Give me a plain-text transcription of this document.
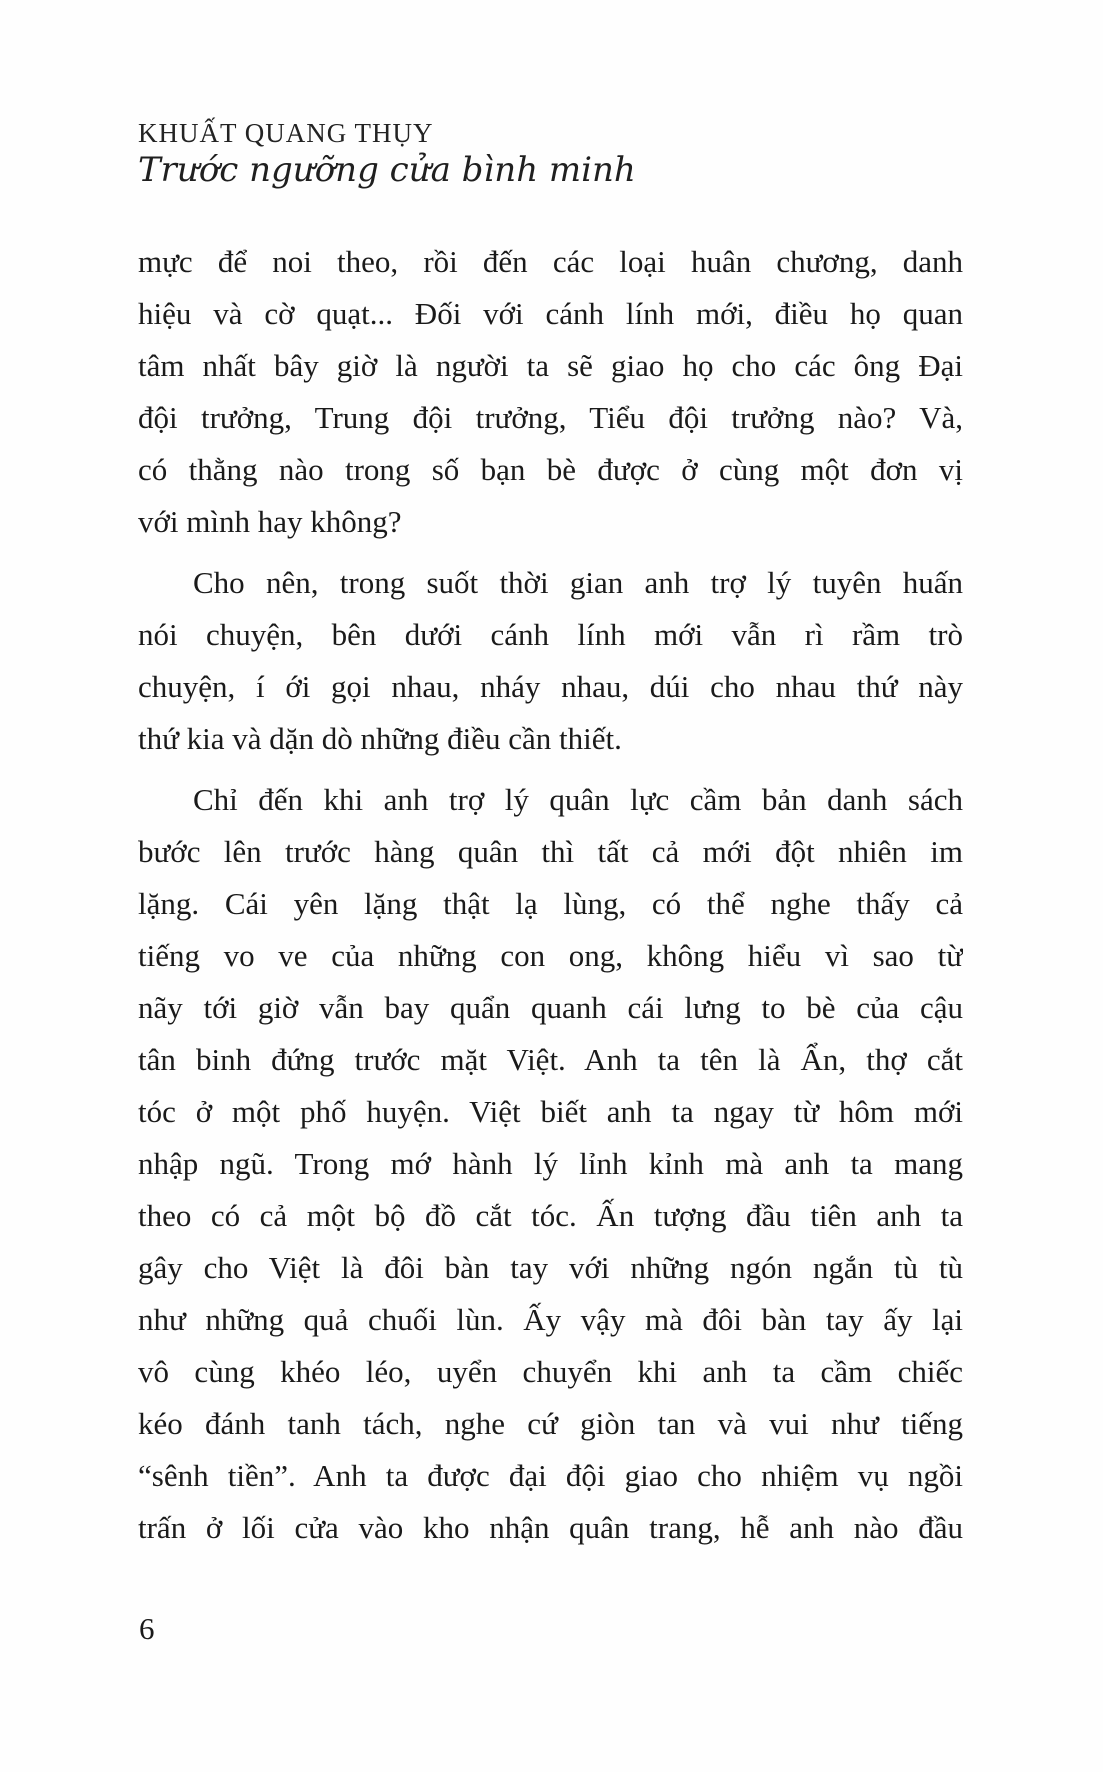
KHUẤT QUANG THỤY
Trước ngưỡng cửa bình minh
mực để noi theo, rồi đến các loại huân chương, danh
hiệu và cờ quạt... Đối với cánh lính mới, điều họ quan
tâm nhất bây giờ là người ta sẽ giao họ cho các ông Đại
đội trưởng, Trung đội trưởng, Tiểu đội trưởng nào? Và,
có thằng nào trong số bạn bè được ở cùng một đơn vị
với mình hay không?
Cho nên, trong suốt thời gian anh trợ lý tuyên huấn
nói chuyện, bên dưới cánh lính mới vẫn rì rầm trò
chuyện, í ới gọi nhau, nháy nhau, dúi cho nhau thứ này
thứ kia và dặn dò những điều cần thiết.
Chỉ đến khi anh trợ lý quân lực cầm bản danh sách
bước lên trước hàng quân thì tất cả mới đột nhiên im
lặng. Cái yên lặng thật lạ lùng, có thể nghe thấy cả
tiếng vo ve của những con ong, không hiểu vì sao từ
nãy tới giờ vẫn bay quẩn quanh cái lưng to bè của cậu
tân binh đứng trước mặt Việt. Anh ta tên là Ẩn, thợ cắt
tóc ở một phố huyện. Việt biết anh ta ngay từ hôm mới
nhập ngũ. Trong mớ hành lý lỉnh kỉnh mà anh ta mang
theo có cả một bộ đồ cắt tóc. Ấn tượng đầu tiên anh ta
gây cho Việt là đôi bàn tay với những ngón ngắn tù tù
như những quả chuối lùn. Ấy vậy mà đôi bàn tay ấy lại
vô cùng khéo léo, uyển chuyển khi anh ta cầm chiếc
kéo đánh tanh tách, nghe cứ giòn tan và vui như tiếng
“sênh tiền”. Anh ta được đại đội giao cho nhiệm vụ ngồi
trấn ở lối cửa vào kho nhận quân trang, hễ anh nào đầu
6
